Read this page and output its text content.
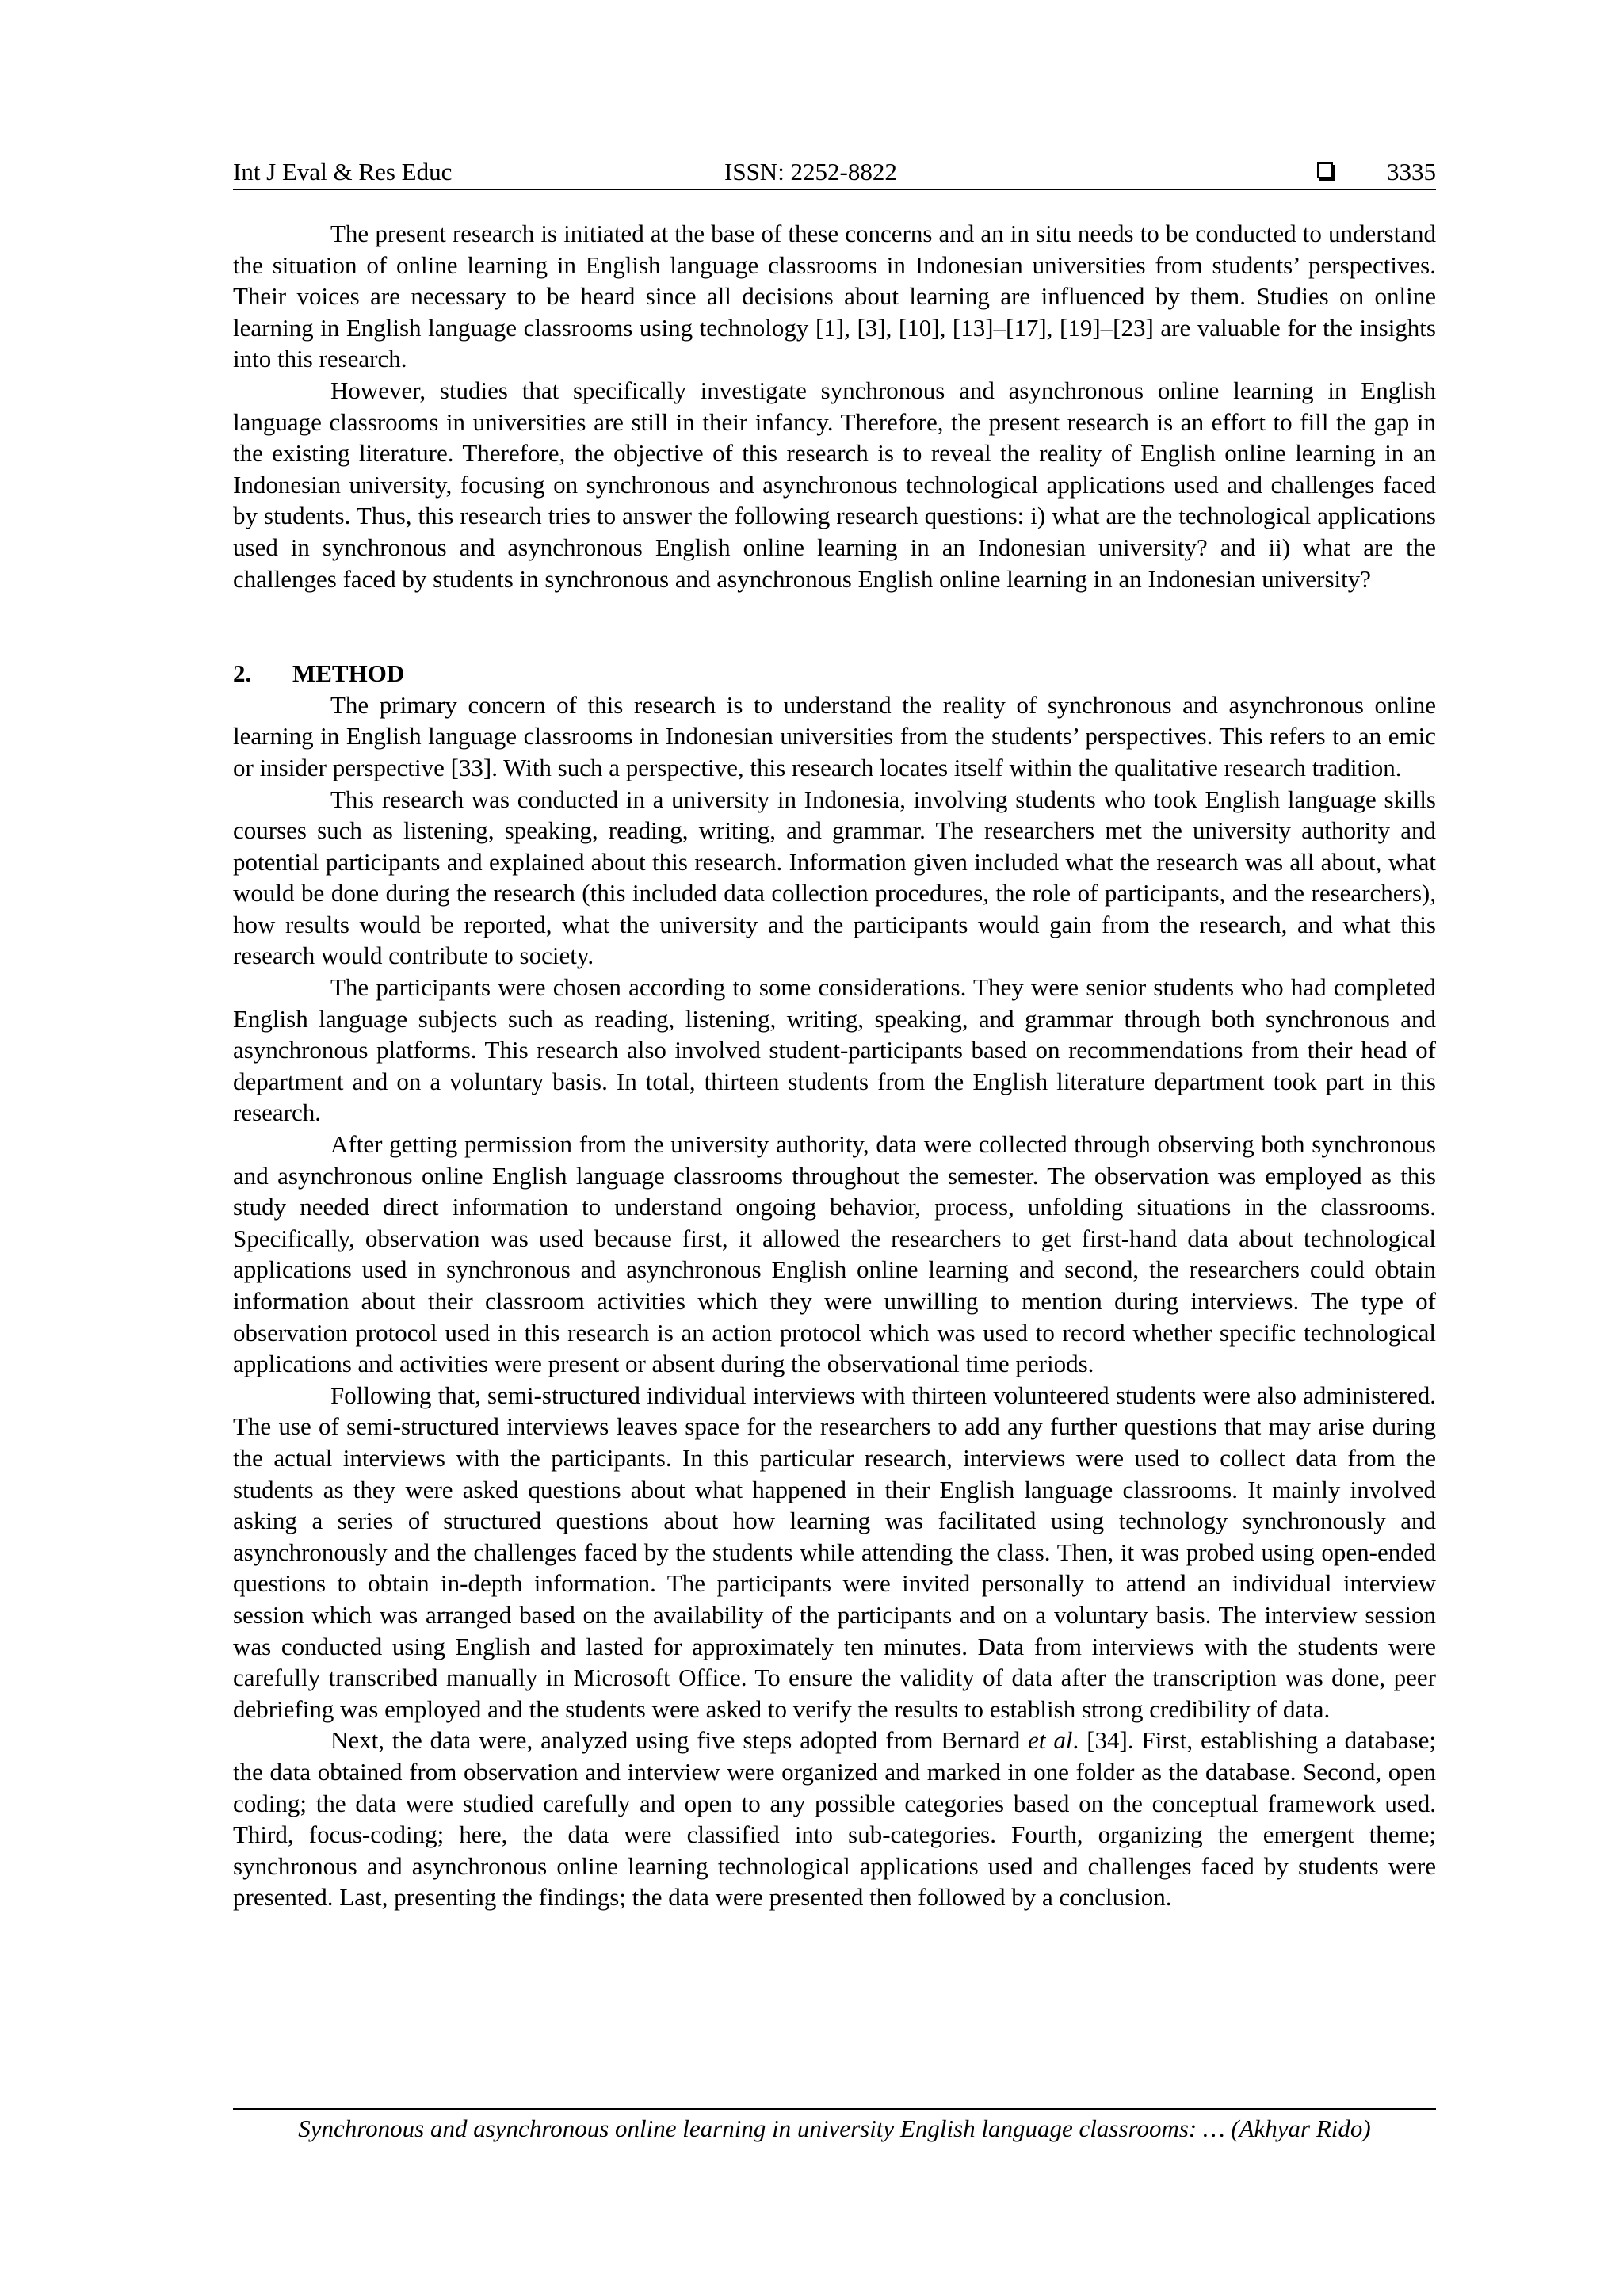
Int J Eval & Res Educ	ISSN: 2252-8822	3335

The present research is initiated at the base of these concerns and an in situ needs to be conducted to understand the situation of online learning in English language classrooms in Indonesian universities from students’ perspectives. Their voices are necessary to be heard since all decisions about learning are influenced by them. Studies on online learning in English language classrooms using technology [1], [3], [10], [13]–[17], [19]–[23] are valuable for the insights into this research.

However, studies that specifically investigate synchronous and asynchronous online learning in English language classrooms in universities are still in their infancy. Therefore, the present research is an effort to fill the gap in the existing literature. Therefore, the objective of this research is to reveal the reality of English online learning in an Indonesian university, focusing on synchronous and asynchronous technological applications used and challenges faced by students. Thus, this research tries to answer the following research questions: i) what are the technological applications used in synchronous and asynchronous English online learning in an Indonesian university? and ii) what are the challenges faced by students in synchronous and asynchronous English online learning in an Indonesian university?

2. METHOD

The primary concern of this research is to understand the reality of synchronous and asynchronous online learning in English language classrooms in Indonesian universities from the students’ perspectives. This refers to an emic or insider perspective [33]. With such a perspective, this research locates itself within the qualitative research tradition.

This research was conducted in a university in Indonesia, involving students who took English language skills courses such as listening, speaking, reading, writing, and grammar. The researchers met the university authority and potential participants and explained about this research. Information given included what the research was all about, what would be done during the research (this included data collection procedures, the role of participants, and the researchers), how results would be reported, what the university and the participants would gain from the research, and what this research would contribute to society.

The participants were chosen according to some considerations. They were senior students who had completed English language subjects such as reading, listening, writing, speaking, and grammar through both synchronous and asynchronous platforms. This research also involved student-participants based on recommendations from their head of department and on a voluntary basis. In total, thirteen students from the English literature department took part in this research.

After getting permission from the university authority, data were collected through observing both synchronous and asynchronous online English language classrooms throughout the semester. The observation was employed as this study needed direct information to understand ongoing behavior, process, unfolding situations in the classrooms. Specifically, observation was used because first, it allowed the researchers to get first-hand data about technological applications used in synchronous and asynchronous English online learning and second, the researchers could obtain information about their classroom activities which they were unwilling to mention during interviews. The type of observation protocol used in this research is an action protocol which was used to record whether specific technological applications and activities were present or absent during the observational time periods.

Following that, semi-structured individual interviews with thirteen volunteered students were also administered. The use of semi-structured interviews leaves space for the researchers to add any further questions that may arise during the actual interviews with the participants. In this particular research, interviews were used to collect data from the students as they were asked questions about what happened in their English language classrooms. It mainly involved asking a series of structured questions about how learning was facilitated using technology synchronously and asynchronously and the challenges faced by the students while attending the class. Then, it was probed using open-ended questions to obtain in-depth information. The participants were invited personally to attend an individual interview session which was arranged based on the availability of the participants and on a voluntary basis. The interview session was conducted using English and lasted for approximately ten minutes. Data from interviews with the students were carefully transcribed manually in Microsoft Office. To ensure the validity of data after the transcription was done, peer debriefing was employed and the students were asked to verify the results to establish strong credibility of data.

Next, the data were, analyzed using five steps adopted from Bernard et al. [34]. First, establishing a database; the data obtained from observation and interview were organized and marked in one folder as the database. Second, open coding; the data were studied carefully and open to any possible categories based on the conceptual framework used. Third, focus-coding; here, the data were classified into sub-categories. Fourth, organizing the emergent theme; synchronous and asynchronous online learning technological applications used and challenges faced by students were presented. Last, presenting the findings; the data were presented then followed by a conclusion.

Synchronous and asynchronous online learning in university English language classrooms: … (Akhyar Rido)
